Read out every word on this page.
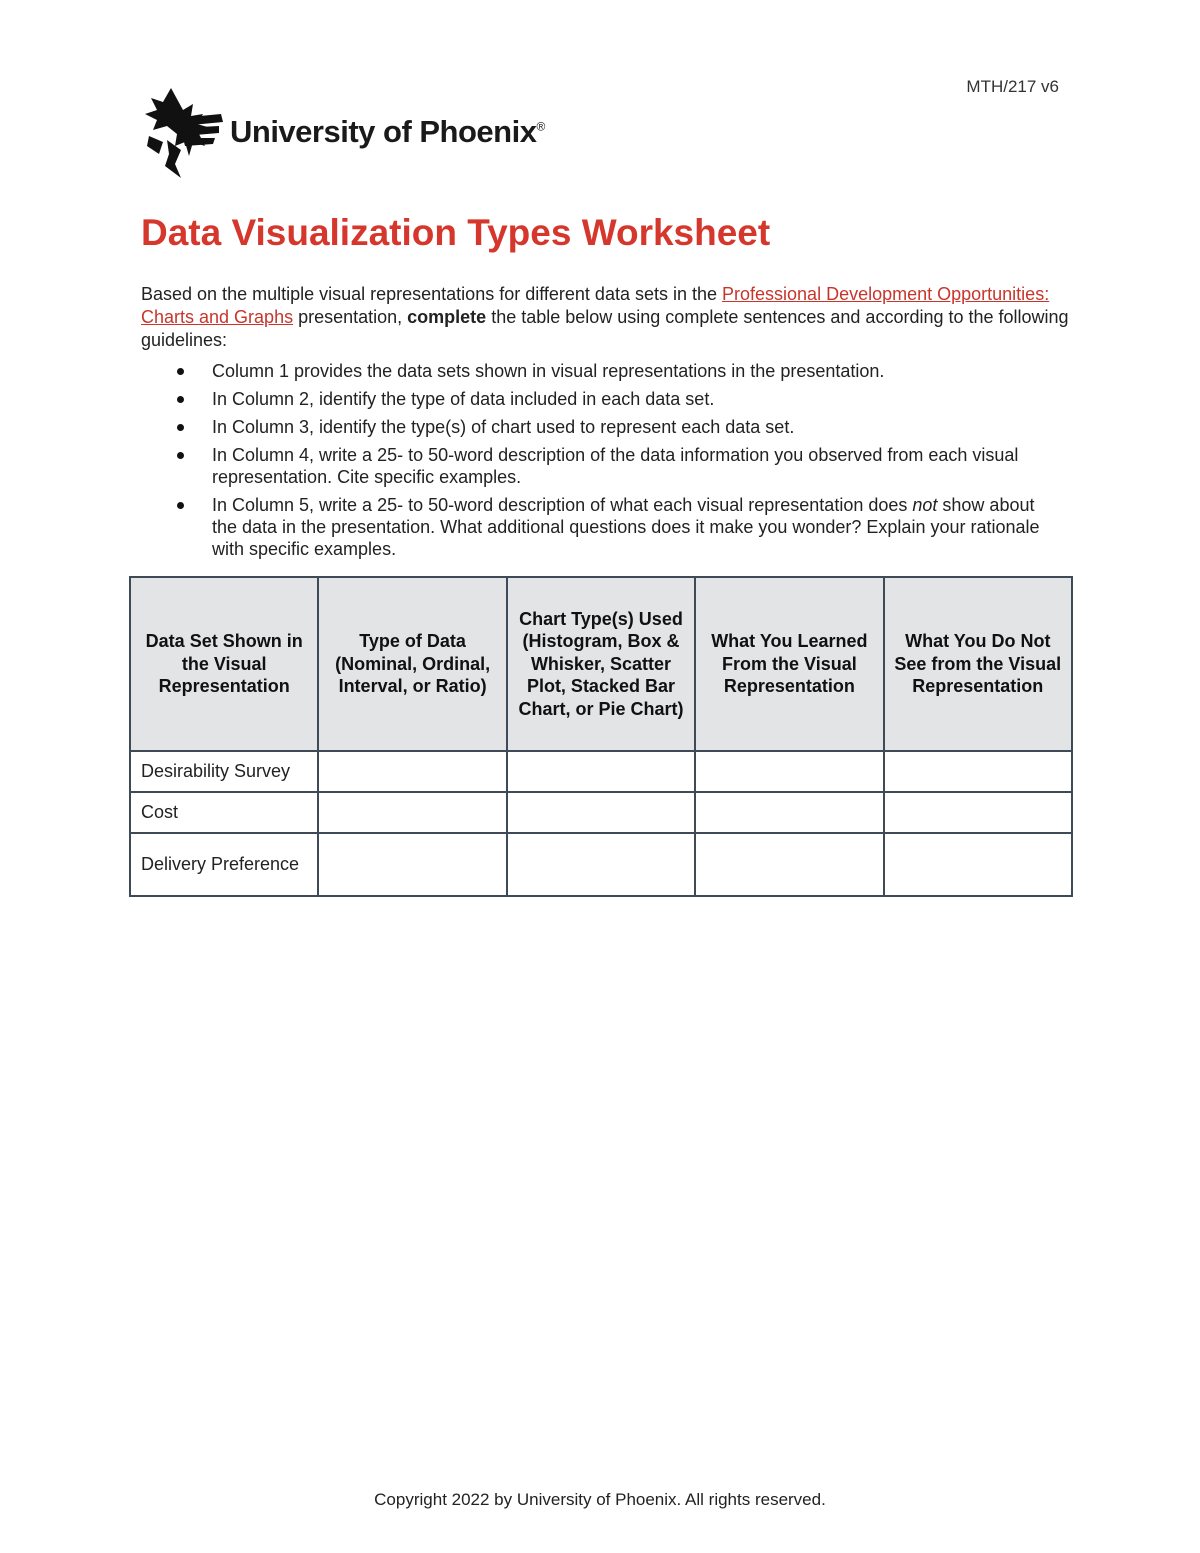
MTH/217 v6
University of Phoenix®
Data Visualization Types Worksheet

Based on the multiple visual representations for different data sets in the Professional Development Opportunities: Charts and Graphs presentation, complete the table below using complete sentences and according to the following guidelines:

Column 1 provides the data sets shown in visual representations in the presentation.
In Column 2, identify the type of data included in each data set.
In Column 3, identify the type(s) of chart used to represent each data set.
In Column 4, write a 25- to 50-word description of the data information you observed from each visual representation. Cite specific examples.
In Column 5, write a 25- to 50-word description of what each visual representation does not show about the data in the presentation. What additional questions does it make you wonder? Explain your rationale with specific examples.
Data Set Shown in the Visual Representation	Type of Data (Nominal, Ordinal, Interval, or Ratio)	Chart Type(s) Used (Histogram, Box & Whisker, Scatter Plot, Stacked Bar Chart, or Pie Chart)	What You Learned From the Visual Representation	What You Do Not See from the Visual Representation
Desirability Survey				
Cost				
Delivery Preference				
Copyright 2022 by University of Phoenix. All rights reserved.
